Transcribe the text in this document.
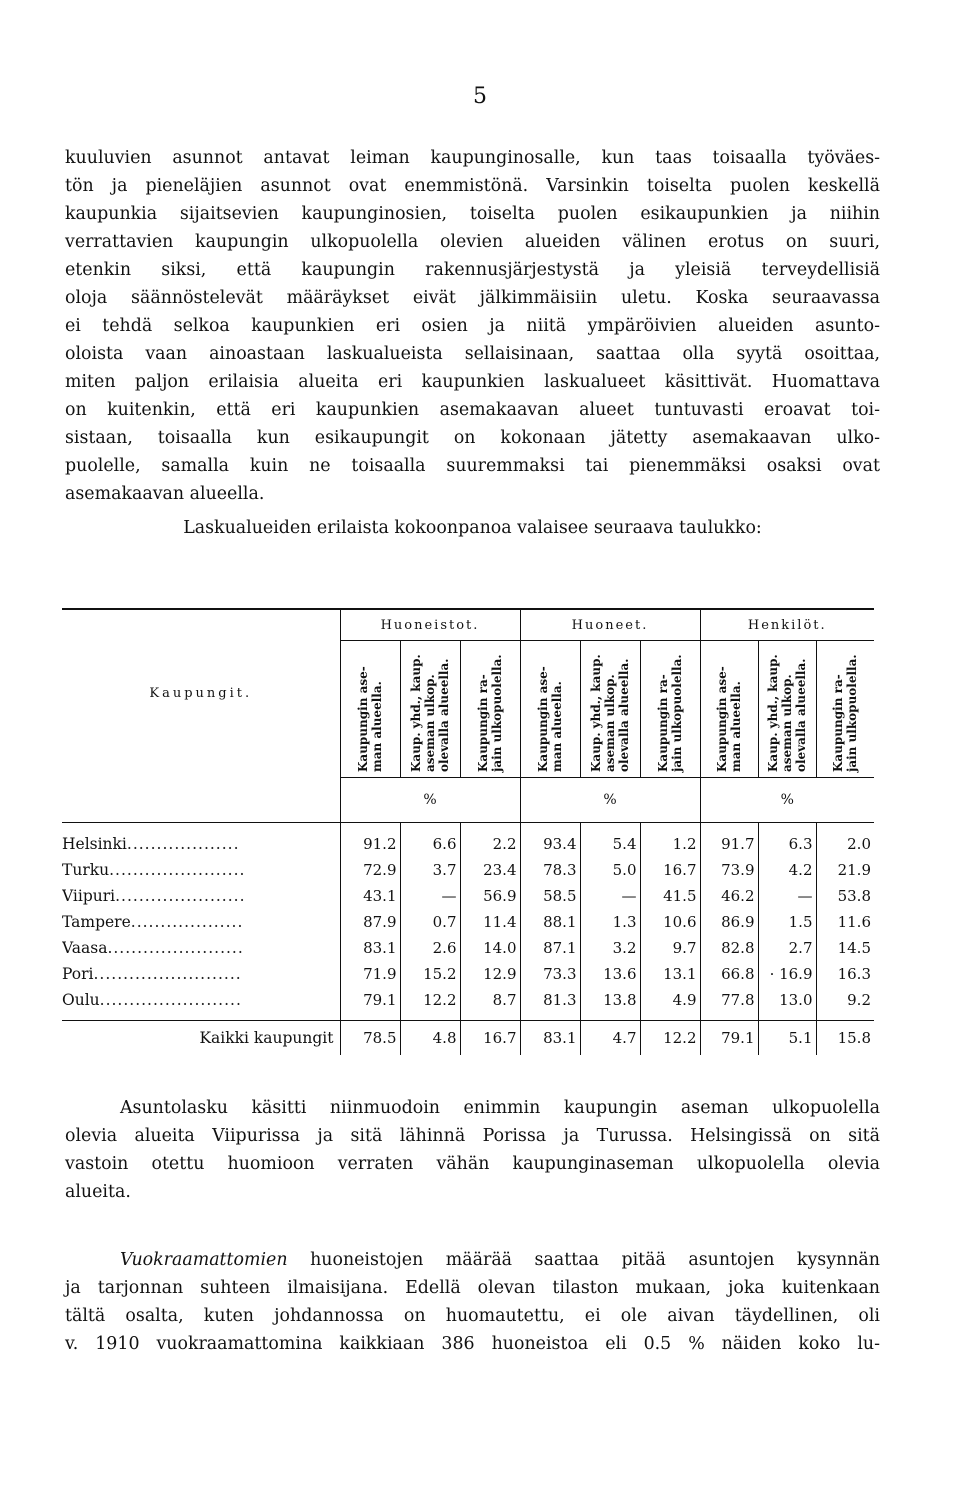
5
kuuluvien asunnot antavat leiman kaupunginosalle, kun taas toisaalla työväes-
tön ja pieneläjien asunnot ovat enemmistönä. Varsinkin toiselta puolen keskellä
kaupunkia sijaitsevien kaupunginosien, toiselta puolen esikaupunkien ja niihin
verrattavien kaupungin ulkopuolella olevien alueiden välinen erotus on suuri,
etenkin siksi, että kaupungin rakennusjärjestystä ja yleisiä terveydellisiä
oloja säännöstelevät määräykset eivät jälkimmäisiin uletu. Koska seuraavassa
ei tehdä selkoa kaupunkien eri osien ja niitä ympäröivien alueiden asunto-
oloista vaan ainoastaan laskualueista sellaisinaan, saattaa olla syytä osoittaa,
miten paljon erilaisia alueita eri kaupunkien laskualueet käsittivät. Huomattava
on kuitenkin, että eri kaupunkien asemakaavan alueet tuntuvasti eroavat toi-
sistaan, toisaalla kun esikaupungit on kokonaan jätetty asemakaavan ulko-
puolelle, samalla kuin ne toisaalla suuremmaksi tai pienemmäksi osaksi ovat
asemakaavan alueella.
Laskualueiden erilaista kokoonpanoa valaisee seuraava taulukko:
Kaupungit.	Huoneistot.			Huoneet.			Henkilöt.		

	Kaupungin ase-
man alueella.	Kaup. yhd., kaup.
aseman ulkop.
olevalla alueella.	Kaupungin ra-
jain ulkopuolella.	Kaupungin ase-
man alueella.	Kaup. yhd., kaup.
aseman ulkop.
olevalla alueella.	Kaupungin ra-
jain ulkopuolella.	Kaupungin ase-
man alueella.	Kaup. yhd., kaup.
aseman ulkop.
olevalla alueella.	Kaupungin ra-
jain ulkopuolella.

	%			%			%		

Helsinki...................	91.2	6.6	2.2	93.4	5.4	1.2	91.7	6.3	2.0
Turku.......................	72.9	3.7	23.4	78.3	5.0	16.7	73.9	4.2	21.9
Viipuri......................	43.1	—	56.9	58.5	—	41.5	46.2	—	53.8
Tampere...................	87.9	0.7	11.4	88.1	1.3	10.6	86.9	1.5	11.6
Vaasa.......................	83.1	2.6	14.0	87.1	3.2	9.7	82.8	2.7	14.5
Pori.........................	71.9	15.2	12.9	73.3	13.6	13.1	66.8	· 16.9	16.3
Oulu........................	79.1	12.2	8.7	81.3	13.8	4.9	77.8	13.0	9.2

Kaikki kaupungit	78.5	4.8	16.7	83.1	4.7	12.2	79.1	5.1	15.8
Asuntolasku käsitti niinmuodoin enimmin kaupungin aseman ulkopuolella
olevia alueita Viipurissa ja sitä lähinnä Porissa ja Turussa. Helsingissä on sitä
vastoin otettu huomioon verraten vähän kaupunginaseman ulkopuolella olevia
alueita.
Vuokraamattomien huoneistojen määrää saattaa pitää asuntojen kysynnän
ja tarjonnan suhteen ilmaisijana. Edellä olevan tilaston mukaan, joka kuitenkaan
tältä osalta, kuten johdannossa on huomautettu, ei ole aivan täydellinen, oli
v. 1910 vuokraamattomina kaikkiaan 386 huoneistoa eli 0.5 % näiden koko lu-
